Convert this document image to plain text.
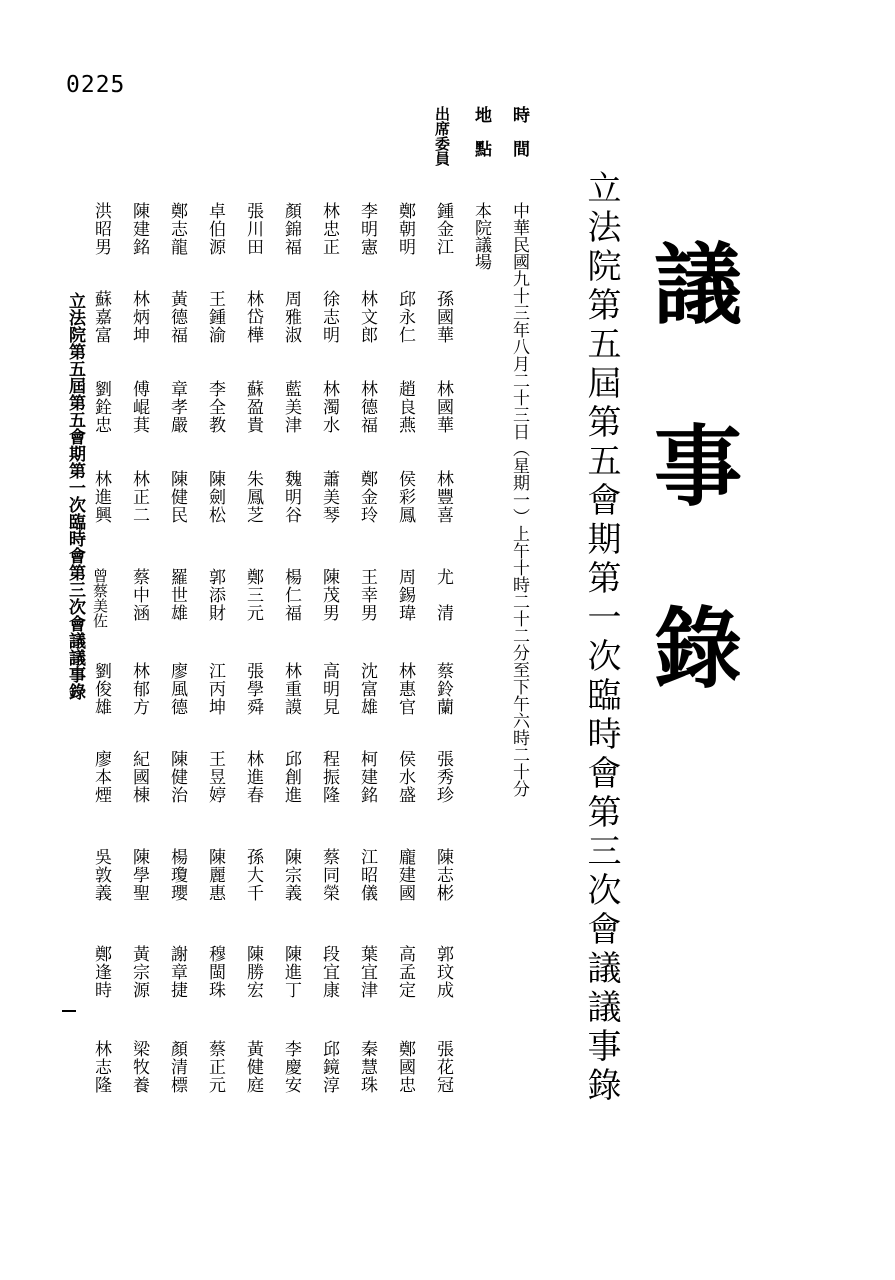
0225
議事錄
立法院第五屆第五會期第一次臨時會第三次會議議事錄
時　間
中華民國九十三年八月二十三日（星期一）上午十時二十二分至下午六時二十分
地　點
本院議場
出席委員
鍾金江
孫國華
林國華
林豐喜
尤　清
蔡鈴蘭
張秀珍
陳志彬
郭玟成
張花冠
鄭朝明
邱永仁
趙良燕
侯彩鳳
周錫瑋
林惠官
侯水盛
龐建國
高孟定
鄭國忠
李明憲
林文郎
林德福
鄭金玲
王幸男
沈富雄
柯建銘
江昭儀
葉宜津
秦慧珠
林忠正
徐志明
林濁水
蕭美琴
陳茂男
高明見
程振隆
蔡同榮
段宜康
邱鏡淳
顏錦福
周雅淑
藍美津
魏明谷
楊仁福
林重謨
邱創進
陳宗義
陳進丁
李慶安
張川田
林岱樺
蘇盈貴
朱鳳芝
鄭三元
張學舜
林進春
孫大千
陳勝宏
黃健庭
卓伯源
王鍾渝
李全教
陳劍松
郭添財
江丙坤
王昱婷
陳麗惠
穆閩珠
蔡正元
鄭志龍
黃德福
章孝嚴
陳健民
羅世雄
廖風德
陳健治
楊瓊瓔
謝章捷
顏清標
陳建銘
林炳坤
傅崐萁
林正二
蔡中涵
林郁方
紀國棟
陳學聖
黃宗源
梁牧養
洪昭男
蘇嘉富
劉銓忠
林進興
曾蔡美佐
劉俊雄
廖本煙
吳敦義
鄭逢時
林志隆
立法院第五屆第五會期第一次臨時會第三次會議議事錄
